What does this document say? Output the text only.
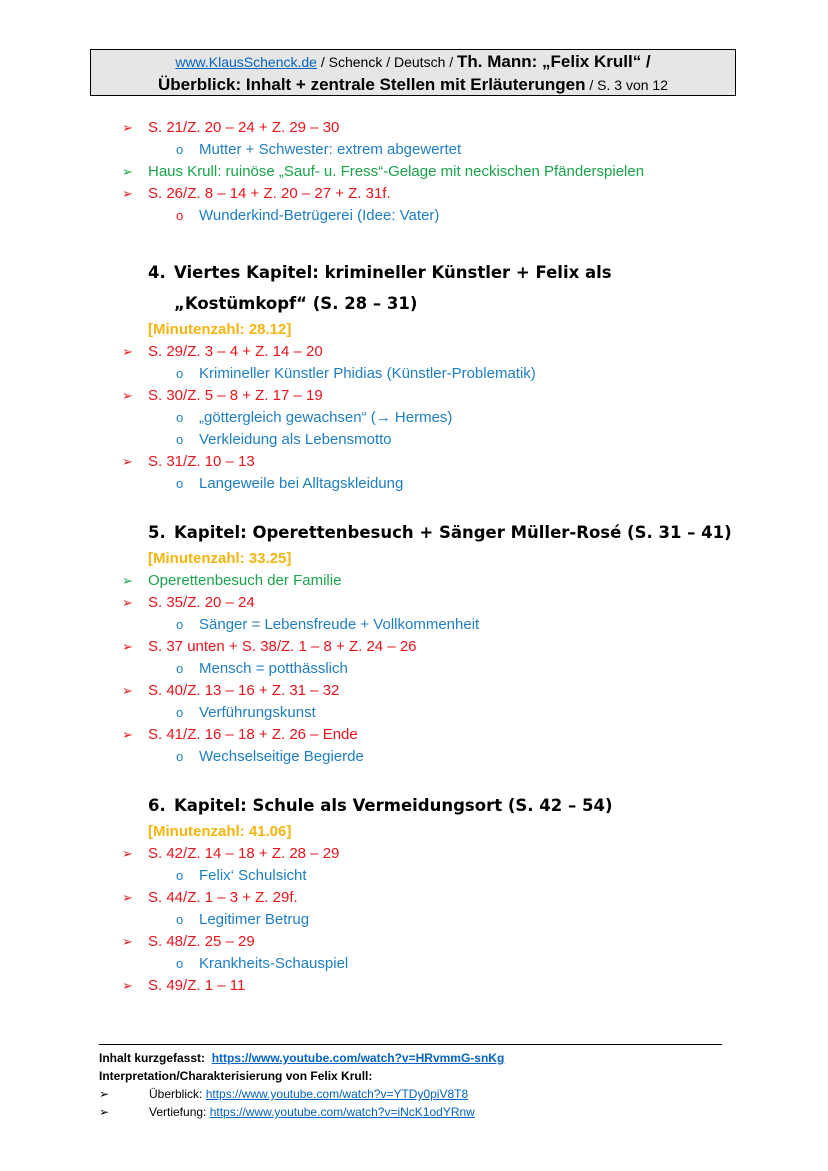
www.KlausSchenck.de / Schenck / Deutsch / Th. Mann: „Felix Krull“ /
Überblick: Inhalt + zentrale Stellen mit Erläuterungen / S. 3 von 12
➢ S. 21/Z. 20 – 24 + Z. 29 – 30
o Mutter + Schwester: extrem abgewertet
➢ Haus Krull: ruinöse „Sauf- u. Fress“-Gelage mit neckischen Pfänderspielen
➢ S. 26/Z. 8 – 14 + Z. 20 – 27 + Z. 31f.
o Wunderkind-Betrügerei (Idee: Vater)
4. Viertes Kapitel: krimineller Künstler + Felix als
„Kostümkopf“ (S. 28 – 31)
[Minutenzahl: 28.12]
➢ S. 29/Z. 3 – 4 + Z. 14 – 20
o Krimineller Künstler Phidias (Künstler-Problematik)
➢ S. 30/Z. 5 – 8 + Z. 17 – 19
o „göttergleich gewachsen“ (→ Hermes)
o Verkleidung als Lebensmotto
➢ S. 31/Z. 10 – 13
o Langeweile bei Alltagskleidung
5. Kapitel: Operettenbesuch + Sänger Müller-Rosé (S. 31 – 41)
[Minutenzahl: 33.25]
➢ Operettenbesuch der Familie
➢ S. 35/Z. 20 – 24
o Sänger = Lebensfreude + Vollkommenheit
➢ S. 37 unten + S. 38/Z. 1 – 8 + Z. 24 – 26
o Mensch = potthässlich
➢ S. 40/Z. 13 – 16 + Z. 31 – 32
o Verführungskunst
➢ S. 41/Z. 16 – 18 + Z. 26 – Ende
o Wechselseitige Begierde
6. Kapitel: Schule als Vermeidungsort (S. 42 – 54)
[Minutenzahl: 41.06]
➢ S. 42/Z. 14 – 18 + Z. 28 – 29
o Felix‘ Schulsicht
➢ S. 44/Z. 1 – 3 + Z. 29f.
o Legitimer Betrug
➢ S. 48/Z. 25 – 29
o Krankheits-Schauspiel
➢ S. 49/Z. 1 – 11
Inhalt kurzgefasst: https://www.youtube.com/watch?v=HRvmmG-snKg
Interpretation/Charakterisierung von Felix Krull:
➢	Überblick: https://www.youtube.com/watch?v=YTDy0piV8T8
➢	Vertiefung: https://www.youtube.com/watch?v=iNcK1odYRnw
